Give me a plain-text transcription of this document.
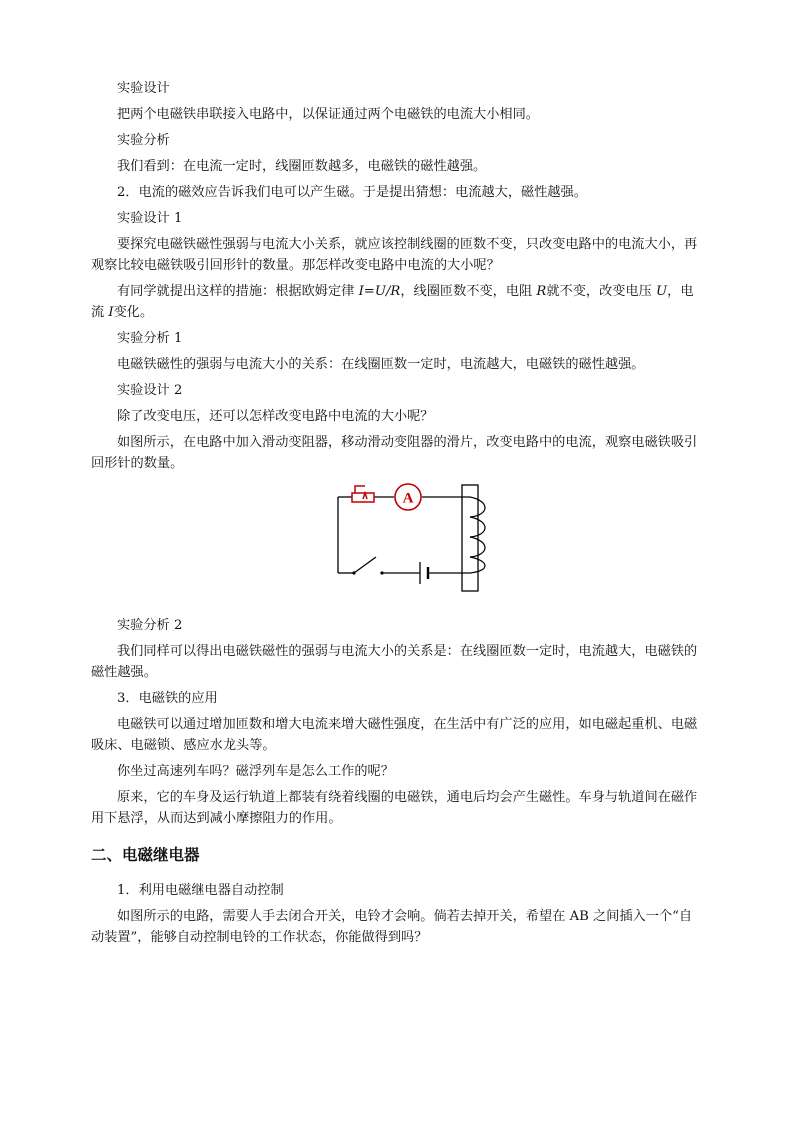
实验设计

把两个电磁铁串联接入电路中，以保证通过两个电磁铁的电流大小相同。

实验分析

我们看到：在电流一定时，线圈匝数越多，电磁铁的磁性越强。

2．电流的磁效应告诉我们电可以产生磁。于是提出猜想：电流越大，磁性越强。

实验设计 1

要探究电磁铁磁性强弱与电流大小关系，就应该控制线圈的匝数不变，只改变电路中的电流大小，再观察比较电磁铁吸引回形针的数量。那怎样改变电路中电流的大小呢？

有同学就提出这样的措施：根据欧姆定律 I=U/R，线圈匝数不变，电阻 R就不变，改变电压 U，电流 I变化。

实验分析 1

电磁铁磁性的强弱与电流大小的关系：在线圈匝数一定时，电流越大，电磁铁的磁性越强。

实验设计 2

除了改变电压，还可以怎样改变电路中电流的大小呢？

如图所示，在电路中加入滑动变阻器，移动滑动变阻器的滑片，改变电路中的电流，观察电磁铁吸引回形针的数量。

A

实验分析 2

我们同样可以得出电磁铁磁性的强弱与电流大小的关系是：在线圈匝数一定时，电流越大，电磁铁的磁性越强。

3．电磁铁的应用

电磁铁可以通过增加匝数和增大电流来增大磁性强度，在生活中有广泛的应用，如电磁起重机、电磁吸床、电磁锁、感应水龙头等。

你坐过高速列车吗？磁浮列车是怎么工作的呢？

原来，它的车身及运行轨道上都装有绕着线圈的电磁铁，通电后均会产生磁性。车身与轨道间在磁作用下悬浮，从而达到减小摩擦阻力的作用。

二、电磁继电器

1．利用电磁继电器自动控制

如图所示的电路，需要人手去闭合开关，电铃才会响。倘若去掉开关，希望在 AB 之间插入一个“自动装置”，能够自动控制电铃的工作状态，你能做得到吗？
